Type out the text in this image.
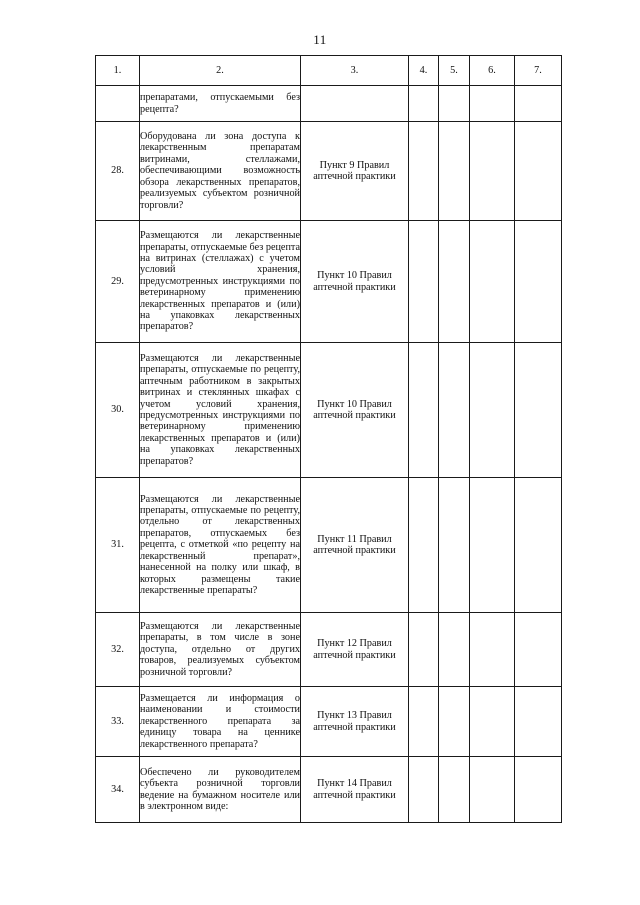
11
1.	2.	3.	4.	5.	6.	7.
	препаратами, отпускаемыми без рецепта?					
28.	Оборудована ли зона доступа к лекарственным препаратам витринами, стеллажами, обеспечивающими возможность обзора лекарственных препаратов, реализуемых субъектом розничной торговли?	Пункт 9 Правил аптечной практики				
29.	Размещаются ли лекарственные препараты, отпускаемые без рецепта на витринах (стеллажах) с учетом условий хранения, предусмотренных инструкциями по ветеринарному применению лекарственных препаратов и (или) на упаковках лекарственных препаратов?	Пункт 10 Правил аптечной практики				
30.	Размещаются ли лекарственные препараты, отпускаемые по рецепту, аптечным работником в закрытых витринах и стеклянных шкафах с учетом условий хранения, предусмотренных инструкциями по ветеринарному применению лекарственных препаратов и (или) на упаковках лекарственных препаратов?	Пункт 10 Правил аптечной практики				
31.	Размещаются ли лекарственные препараты, отпускаемые по рецепту, отдельно от лекарственных препаратов, отпускаемых без рецепта, с отметкой «по рецепту на лекарственный препарат», нанесенной на полку или шкаф, в которых размещены такие лекарственные препараты?	Пункт 11 Правил аптечной практики				
32.	Размещаются ли лекарственные препараты, в том числе в зоне доступа, отдельно от других товаров, реализуемых субъектом розничной торговли?	Пункт 12 Правил аптечной практики				
33.	Размещается ли информация о наименовании и стоимости лекарственного препарата за единицу товара на ценнике лекарственного препарата?	Пункт 13 Правил аптечной практики				
34.	Обеспечено ли руководителем субъекта розничной торговли ведение на бумажном носителе или в электронном виде:	Пункт 14 Правил аптечной практики				
